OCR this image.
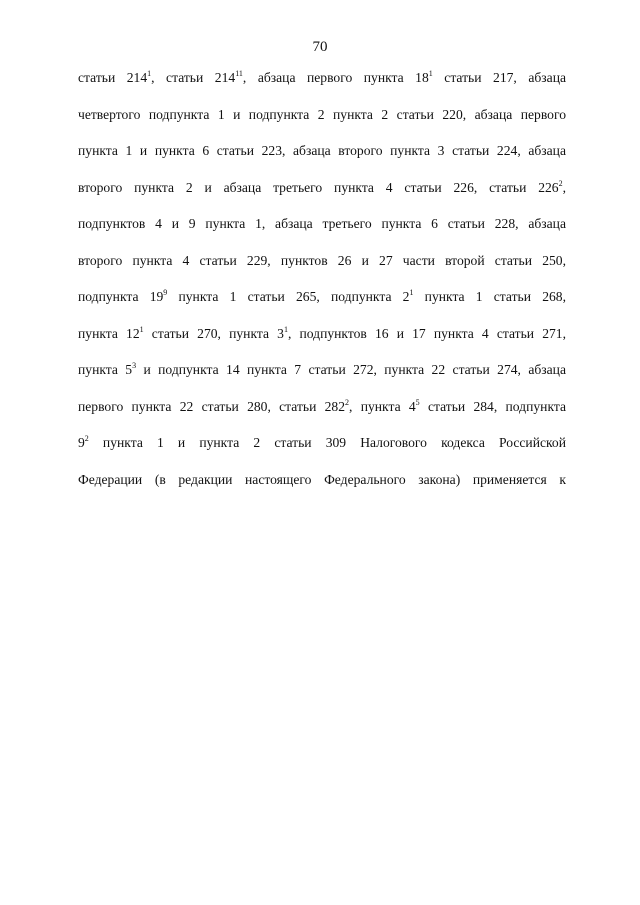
70
статьи $214^1$, статьи $214^{11}$, абзаца первого пункта $18^1$ статьи 217, абзаца
четвертого подпункта 1 и подпункта 2 пункта 2 статьи 220, абзаца первого
пункта 1 и пункта 6 статьи 223, абзаца второго пункта 3 статьи 224, абзаца
второго пункта 2 и абзаца третьего пункта 4 статьи 226, статьи $226^2$,
подпунктов 4 и 9 пункта 1, абзаца третьего пункта 6 статьи 228, абзаца
второго пункта 4 статьи 229, пунктов 26 и 27 части второй статьи 250,
подпункта $19^9$ пункта 1 статьи 265, подпункта $2^1$ пункта 1 статьи 268,
пункта $12^1$ статьи 270, пункта $3^1$, подпунктов 16 и 17 пункта 4 статьи 271,
пункта $5^3$ и подпункта 14 пункта 7 статьи 272, пункта 22 статьи 274, абзаца
первого пункта 22 статьи 280, статьи $282^2$, пункта $4^5$ статьи 284, подпункта
$9^2$ пункта 1 и пункта 2 статьи 309 Налогового кодекса Российской
Федерации (в редакции настоящего Федерального закона) применяется к
